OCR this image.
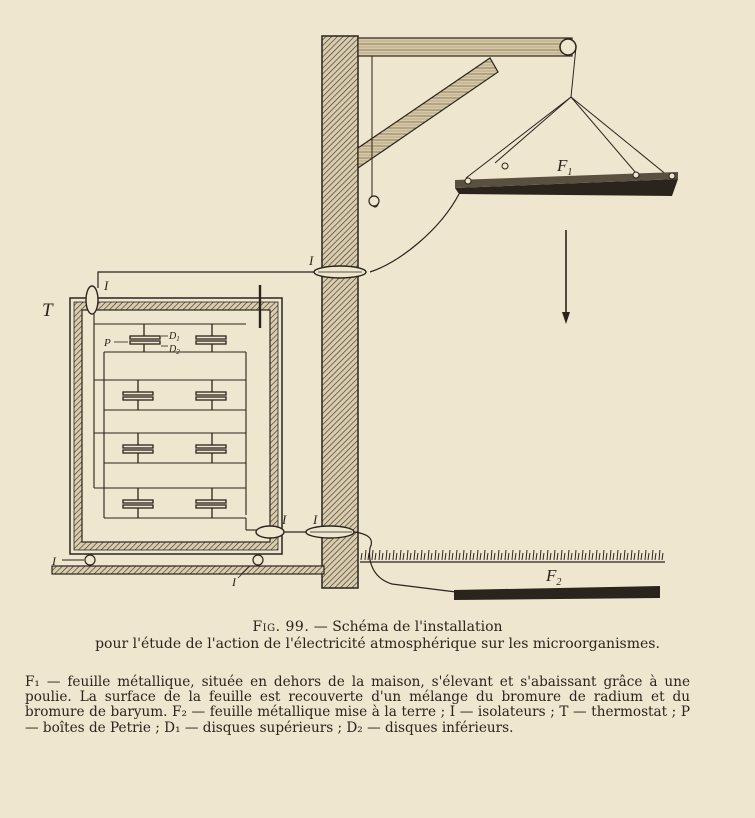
$F_1$
I
T
I
P
$D_1$
$D_2$
I I
$F_2$
I
I
Fig. 99. — Schéma de l'installation
pour l'étude de l'action de l'électricité atmosphérique sur les microorganismes.

F₁ — feuille métallique, située en dehors de la maison, s'élevant et s'abaissant grâce à une poulie. La surface de la feuille est recouverte d'un mélange du bromure de radium et du bromure de baryum. F₂ — feuille métallique mise à la terre ; I — isolateurs ; T — thermostat ; P — boîtes de Petrie ; D₁ — disques supérieurs ; D₂ — disques inférieurs.
